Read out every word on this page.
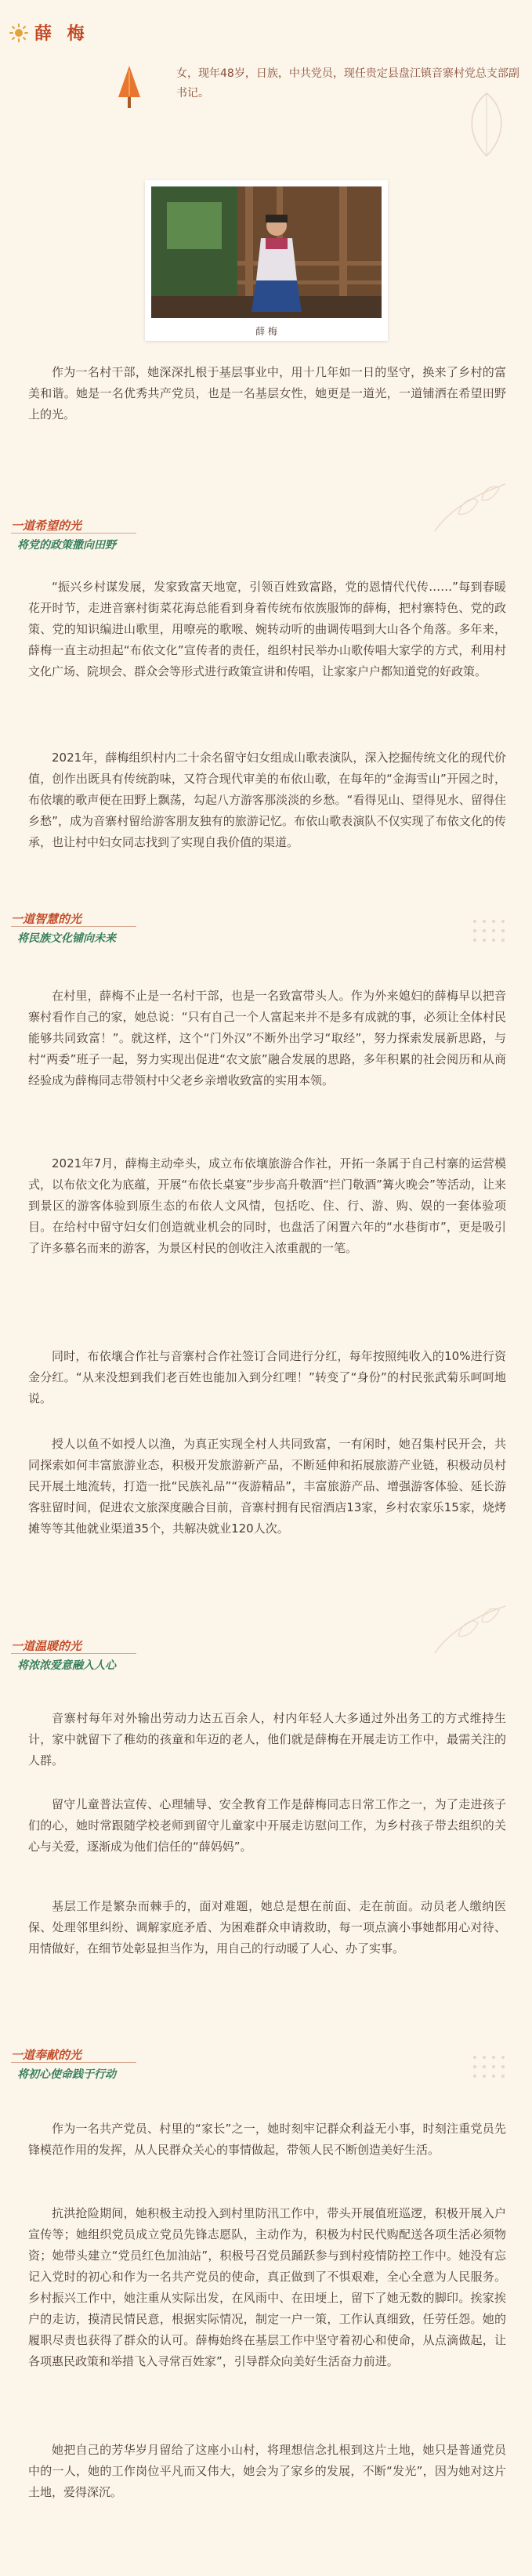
薛 梅

女，现年48岁，日族，中共党员，现任贵定县盘江镇音寨村党总支部副书记。

薛 梅

作为一名村干部，她深深扎根于基层事业中，用十几年如一日的坚守，换来了乡村的富美和谐。她是一名优秀共产党员，也是一名基层女性，她更是一道光，一道铺洒在希望田野上的光。

一道希望的光
将党的政策撒向田野

“振兴乡村谋发展，发家致富天地宽，引领百姓致富路，党的恩情代代传……”每到春暖花开时节，走进音寨村街菜花海总能看到身着传统布依族服饰的薛梅，把村寨特色、党的政策、党的知识编进山歌里，用嘹亮的歌喉、婉转动听的曲调传唱到大山各个角落。多年来，薛梅一直主动担起“布依文化”宣传者的责任，组织村民举办山歌传唱大家学的方式，利用村文化广场、院坝会、群众会等形式进行政策宣讲和传唱，让家家户户都知道党的好政策。

2021年，薛梅组织村内二十余名留守妇女组成山歌表演队，深入挖掘传统文化的现代价值，创作出既具有传统韵味，又符合现代审美的布依山歌，在每年的“金海雪山”开园之时，布依壤的歌声便在田野上飘荡，勾起八方游客那淡淡的乡愁。“看得见山、望得见水、留得住乡愁”，成为音寨村留给游客朋友独有的旅游记忆。布依山歌表演队不仅实现了布依文化的传承，也让村中妇女同志找到了实现自我价值的渠道。

一道智慧的光
将民族文化铺向未来

在村里，薛梅不止是一名村干部，也是一名致富带头人。作为外来媳妇的薛梅早以把音寨村看作自己的家，她总说：“只有自己一个人富起来并不是多有成就的事，必须让全体村民能够共同致富！”。就这样，这个“门外汉”不断外出学习“取经”，努力探索发展新思路，与村“两委”班子一起，努力实现出促进“农文旅”融合发展的思路，多年积累的社会阅历和从商经验成为薛梅同志带领村中父老乡亲增收致富的实用本领。

2021年7月，薛梅主动牵头，成立布依壤旅游合作社，开拓一条属于自己村寨的运营模式，以布依文化为底蕴，开展“布依长桌宴”步步高升敬酒“拦门敬酒”篝火晚会”等活动，让来到景区的游客体验到原生态的布依人文风情，包括吃、住、行、游、购、娱的一套体验项目。在给村中留守妇女们创造就业机会的同时，也盘活了闲置六年的“水巷街市”，更是吸引了许多慕名而来的游客，为景区村民的创收注入浓重靓的一笔。

同时，布依壤合作社与音寨村合作社签订合同进行分红，每年按照纯收入的10%进行资金分红。“从来没想到我们老百姓也能加入到分红哩！”转变了“身份”的村民张武菊乐呵呵地说。

授人以鱼不如授人以渔，为真正实现全村人共同致富，一有闲时，她召集村民开会，共同探索如何丰富旅游业态，积极开发旅游新产品，不断延伸和拓展旅游产业链，积极动员村民开展土地流转，打造一批“民族礼品”“夜游精品”，丰富旅游产品、增强游客体验、延长游客驻留时间，促进农文旅深度融合目前，音寨村拥有民宿酒店13家，乡村农家乐15家，烧烤摊等等其他就业渠道35个，共解决就业120人次。

一道温暖的光
将浓浓爱意融入人心

音寨村每年对外输出劳动力达五百余人，村内年轻人大多通过外出务工的方式维持生计，家中就留下了稚幼的孩童和年迈的老人，他们就是薛梅在开展走访工作中，最需关注的人群。

留守儿童普法宣传、心理辅导、安全教育工作是薛梅同志日常工作之一，为了走进孩子们的心，她时常跟随学校老师到留守儿童家中开展走访慰问工作，为乡村孩子带去组织的关心与关爱，逐渐成为他们信任的“薛妈妈”。

基层工作是繁杂而棘手的，面对难题，她总是想在前面、走在前面。动员老人缴纳医保、处理邻里纠纷、调解家庭矛盾、为困难群众申请救助，每一项点滴小事她都用心对待、用情做好，在细节处彰显担当作为，用自己的行动暖了人心、办了实事。

一道奉献的光
将初心使命践于行动

作为一名共产党员、村里的“家长”之一，她时刻牢记群众利益无小事，时刻注重党员先锋模范作用的发挥，从人民群众关心的事情做起，带领人民不断创造美好生活。

抗洪抢险期间，她积极主动投入到村里防汛工作中，带头开展值班巡逻，积极开展入户宣传等；她组织党员成立党员先锋志愿队，主动作为，积极为村民代购配送各项生活必须物资；她带头建立“党员红色加油站”，积极号召党员踊跃参与到村疫情防控工作中。她没有忘记入党时的初心和作为一名共产党员的使命，真正做到了不惧艰难，全心全意为人民服务。乡村振兴工作中，她注重从实际出发，在风雨中、在田埂上，留下了她无数的脚印。挨家挨户的走访，摸清民情民意，根据实际情况，制定一户一策，工作认真细致，任劳任怨。她的履职尽责也获得了群众的认可。薛梅始终在基层工作中坚守着初心和使命，从点滴做起，让各项惠民政策和举措飞入寻常百姓家”，引导群众向美好生活奋力前进。

她把自己的芳华岁月留给了这座小山村，将理想信念扎根到这片土地，她只是普通党员中的一人，她的工作岗位平凡而又伟大，她会为了家乡的发展，不断“发光”，因为她对这片土地，爱得深沉。
